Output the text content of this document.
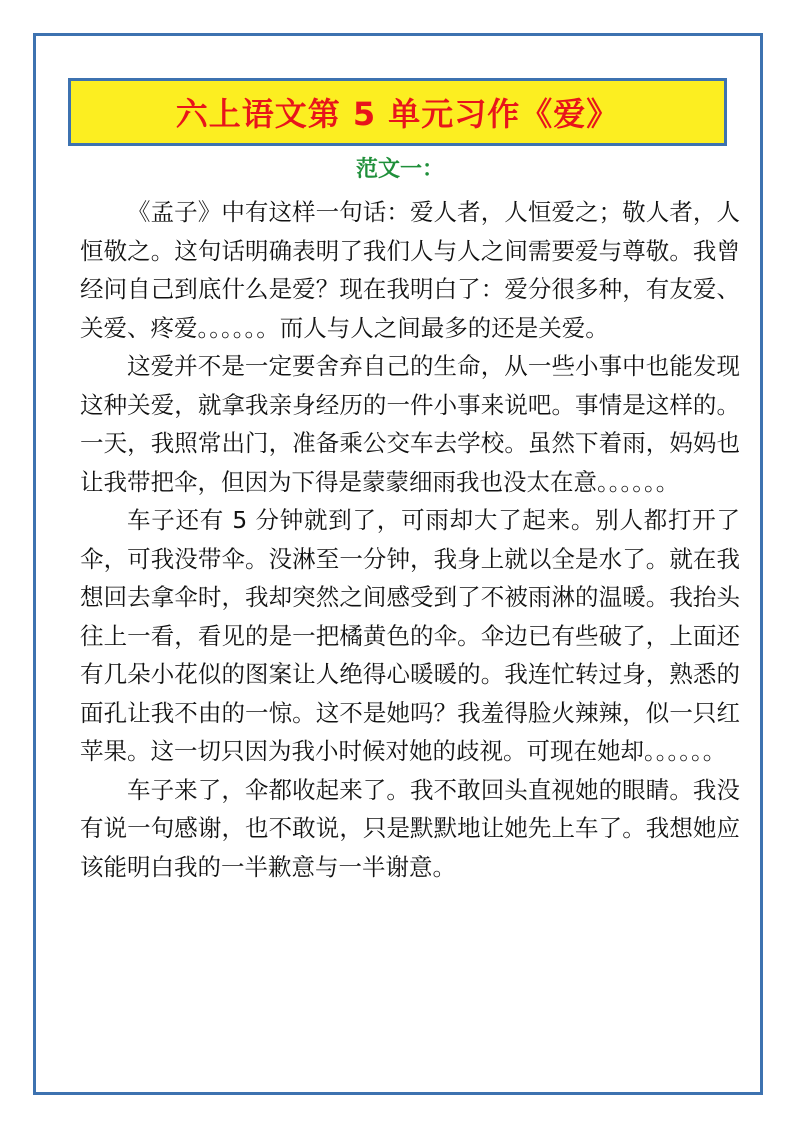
六上语文第 5 单元习作《爱》
范文一：

《孟子》中有这样一句话：爱人者，人恒爱之；敬人者，人恒敬之。这句话明确表明了我们人与人之间需要爱与尊敬。我曾经问自己到底什么是爱？现在我明白了：爱分很多种，有友爱、关爱、疼爱。。。。。。而人与人之间最多的还是关爱。

这爱并不是一定要舍弃自己的生命，从一些小事中也能发现这种关爱，就拿我亲身经历的一件小事来说吧。事情是这样的。一天，我照常出门，准备乘公交车去学校。虽然下着雨，妈妈也让我带把伞，但因为下得是蒙蒙细雨我也没太在意。。。。。。

车子还有 5 分钟就到了，可雨却大了起来。别人都打开了伞，可我没带伞。没淋至一分钟，我身上就以全是水了。就在我想回去拿伞时，我却突然之间感受到了不被雨淋的温暖。我抬头往上一看，看见的是一把橘黄色的伞。伞边已有些破了，上面还有几朵小花似的图案让人绝得心暖暖的。我连忙转过身，熟悉的面孔让我不由的一惊。这不是她吗？我羞得脸火辣辣，似一只红苹果。这一切只因为我小时候对她的歧视。可现在她却。。。。。。

车子来了，伞都收起来了。我不敢回头直视她的眼睛。我没有说一句感谢，也不敢说，只是默默地让她先上车了。我想她应该能明白我的一半歉意与一半谢意。
